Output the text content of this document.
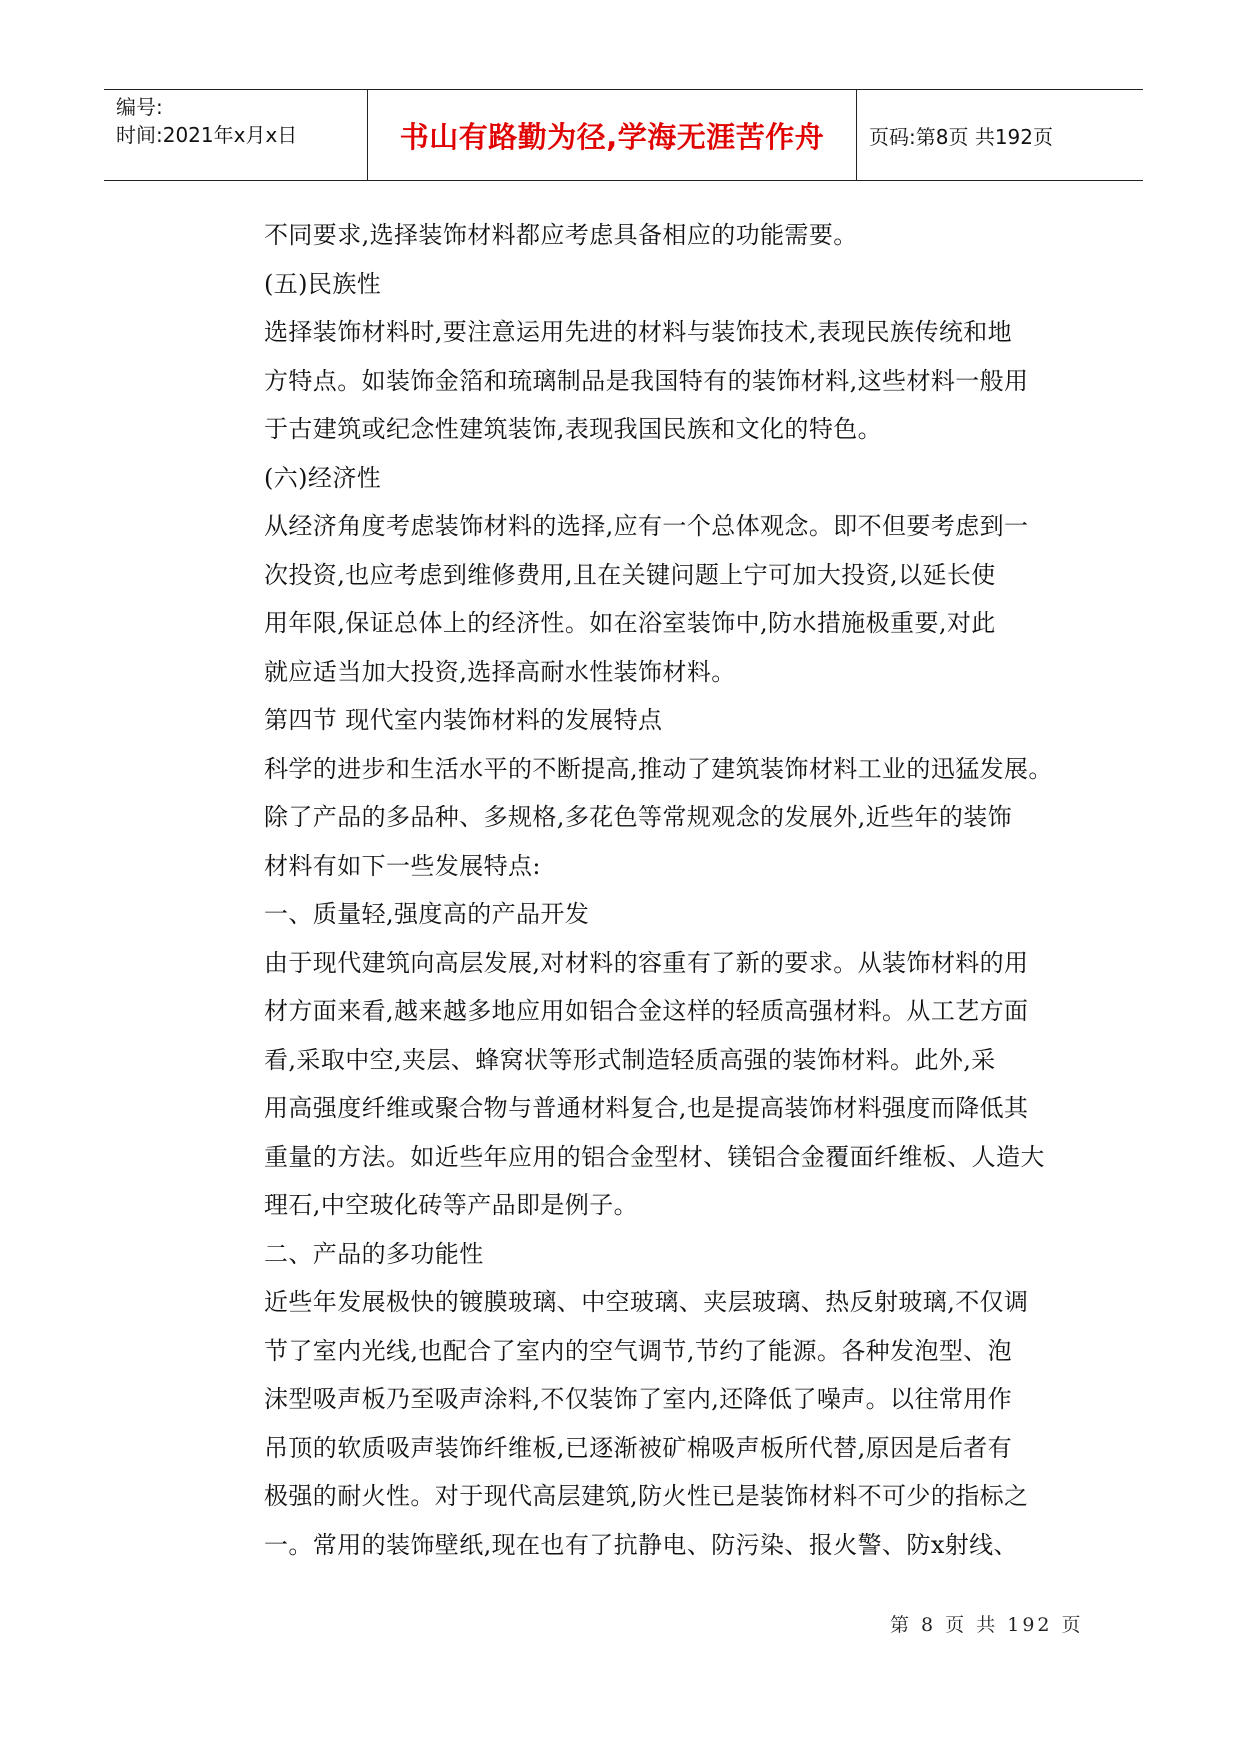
编号:
时间:2021年x月x日	书山有路勤为径,学海无涯苦作舟 页码:第8页 共192页

不同要求,选择装饰材料都应考虑具备相应的功能需要。

(五)民族性

选择装饰材料时,要注意运用先进的材料与装饰技术,表现民族传统和地

方特点。如装饰金箔和琉璃制品是我国特有的装饰材料,这些材料一般用

于古建筑或纪念性建筑装饰,表现我国民族和文化的特色。

(六)经济性

从经济角度考虑装饰材料的选择,应有一个总体观念。即不但要考虑到一

次投资,也应考虑到维修费用,且在关键问题上宁可加大投资,以延长使

用年限,保证总体上的经济性。如在浴室装饰中,防水措施极重要,对此

就应适当加大投资,选择高耐水性装饰材料。

第四节 现代室内装饰材料的发展特点

科学的进步和生活水平的不断提高,推动了建筑装饰材料工业的迅猛发展。

除了产品的多品种、多规格,多花色等常规观念的发展外,近些年的装饰

材料有如下一些发展特点:

一、质量轻,强度高的产品开发

由于现代建筑向高层发展,对材料的容重有了新的要求。从装饰材料的用

材方面来看,越来越多地应用如铝合金这样的轻质高强材料。从工艺方面

看,采取中空,夹层、蜂窝状等形式制造轻质高强的装饰材料。此外,采

用高强度纤维或聚合物与普通材料复合,也是提高装饰材料强度而降低其

重量的方法。如近些年应用的铝合金型材、镁铝合金覆面纤维板、人造大

理石,中空玻化砖等产品即是例子。

二、产品的多功能性

近些年发展极快的镀膜玻璃、中空玻璃、夹层玻璃、热反射玻璃,不仅调

节了室内光线,也配合了室内的空气调节,节约了能源。各种发泡型、泡

沫型吸声板乃至吸声涂料,不仅装饰了室内,还降低了噪声。以往常用作

吊顶的软质吸声装饰纤维板,已逐渐被矿棉吸声板所代替,原因是后者有

极强的耐火性。对于现代高层建筑,防火性已是装饰材料不可少的指标之

一。常用的装饰壁纸,现在也有了抗静电、防污染、报火警、防x射线、

第 8 页 共 192 页
